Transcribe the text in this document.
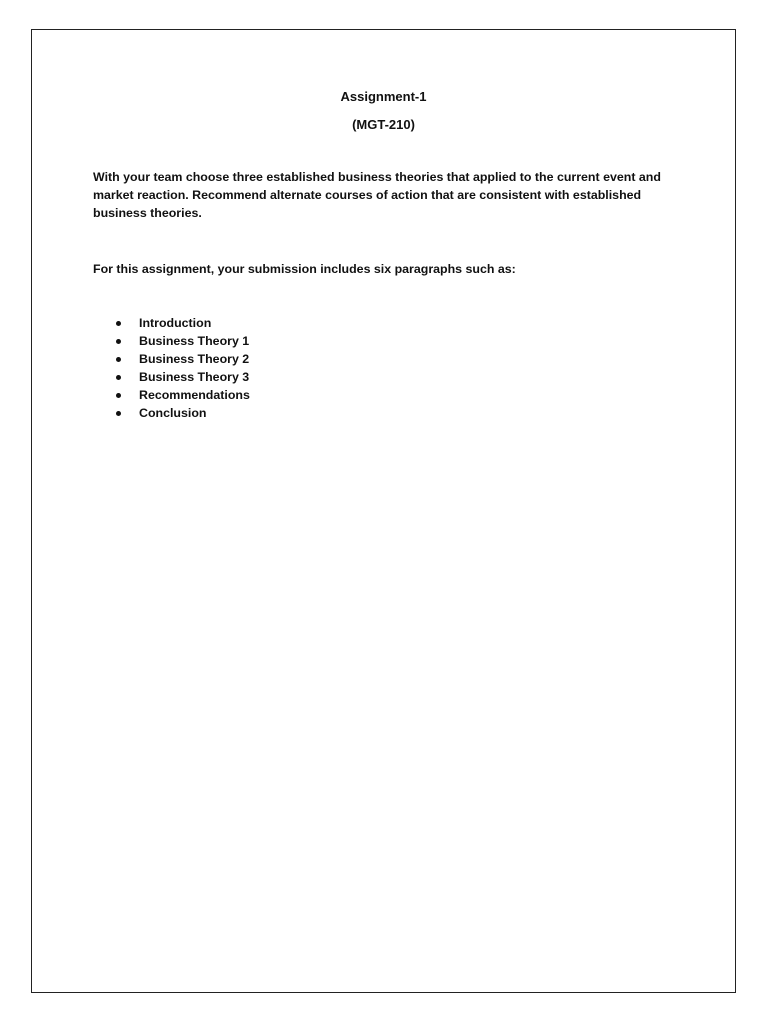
Assignment-1

(MGT-210)

With your team choose three established business theories that applied to the current event and market reaction. Recommend alternate courses of action that are consistent with established business theories.

For this assignment, your submission includes six paragraphs such as:

Introduction
Business Theory 1
Business Theory 2
Business Theory 3
Recommendations
Conclusion
